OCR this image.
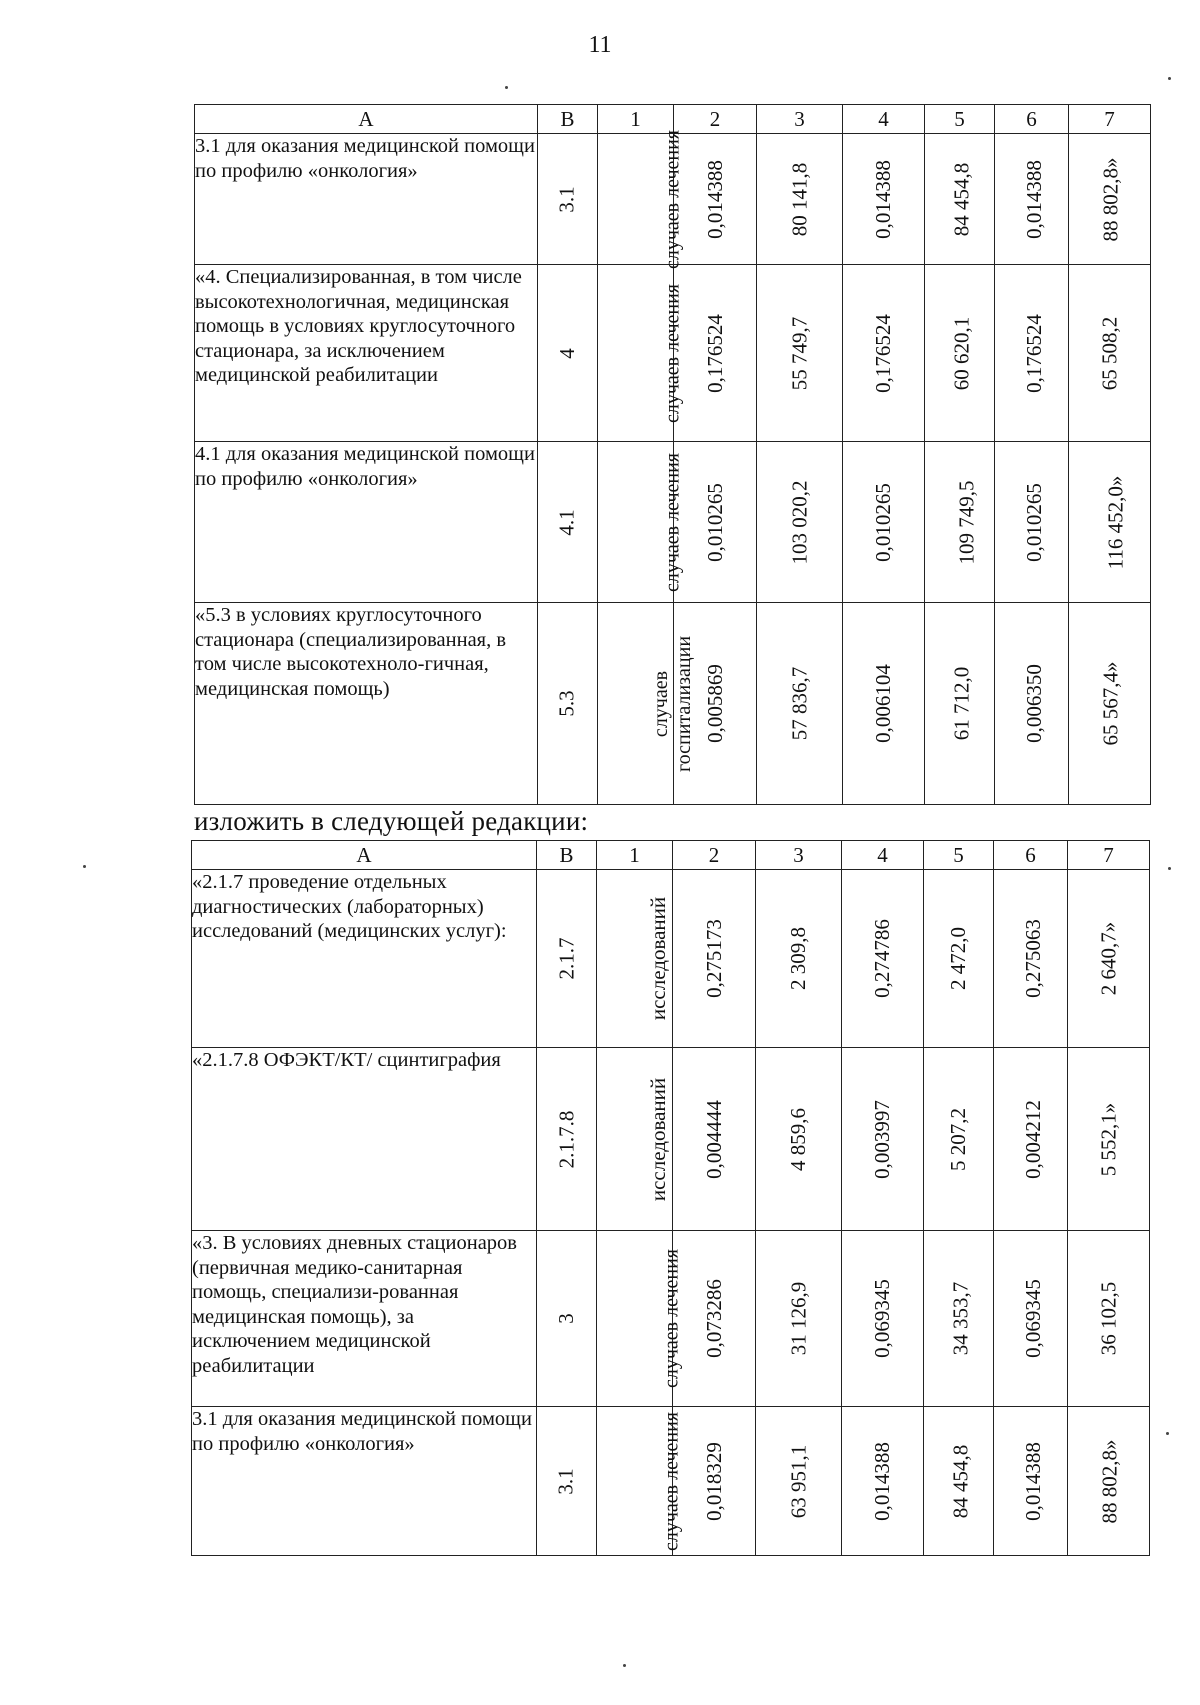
11
A	B	1	2	3	4	5	6	7
3.1 для оказания медицинской помощи по профилю «онкология»	3.1	случаев лечения	0,014388	80 141,8	0,014388	84 454,8	0,014388	88 802,8»
«4. Специализированная, в том числе высокотехнологичная, медицинская помощь в условиях круглосуточного стационара, за исключением медицинской реабилитации	4	случаев лечения	0,176524	55 749,7	0,176524	60 620,1	0,176524	65 508,2
4.1 для оказания медицинской помощи по профилю «онкология»	4.1	случаев лечения	0,010265	103 020,2	0,010265	109 749,5	0,010265	116 452,0»
«5.3 в условиях круглосуточного стационара (специализированная, в том числе высокотехноло-гичная, медицинская помощь)	5.3	случаев госпитализации	0,005869	57 836,7	0,006104	61 712,0	0,006350	65 567,4»
изложить в следующей редакции:
A	B	1	2	3	4	5	6	7
«2.1.7 проведение отдельных диагностических (лабораторных) исследований (медицинских услуг):	2.1.7	исследований	0,275173	2 309,8	0,274786	2 472,0	0,275063	2 640,7»
«2.1.7.8 ОФЭКТ/КТ/ сцинтиграфия	2.1.7.8	исследований	0,004444	4 859,6	0,003997	5 207,2	0,004212	5 552,1»
«3. В условиях дневных стационаров (первичная медико-санитарная помощь, специализи-рованная медицинская помощь), за исключением медицинской реабилитации	3	случаев лечения	0,073286	31 126,9	0,069345	34 353,7	0,069345	36 102,5
3.1 для оказания медицинской помощи по профилю «онкология»	3.1	случаев лечения	0,018329	63 951,1	0,014388	84 454,8	0,014388	88 802,8»
